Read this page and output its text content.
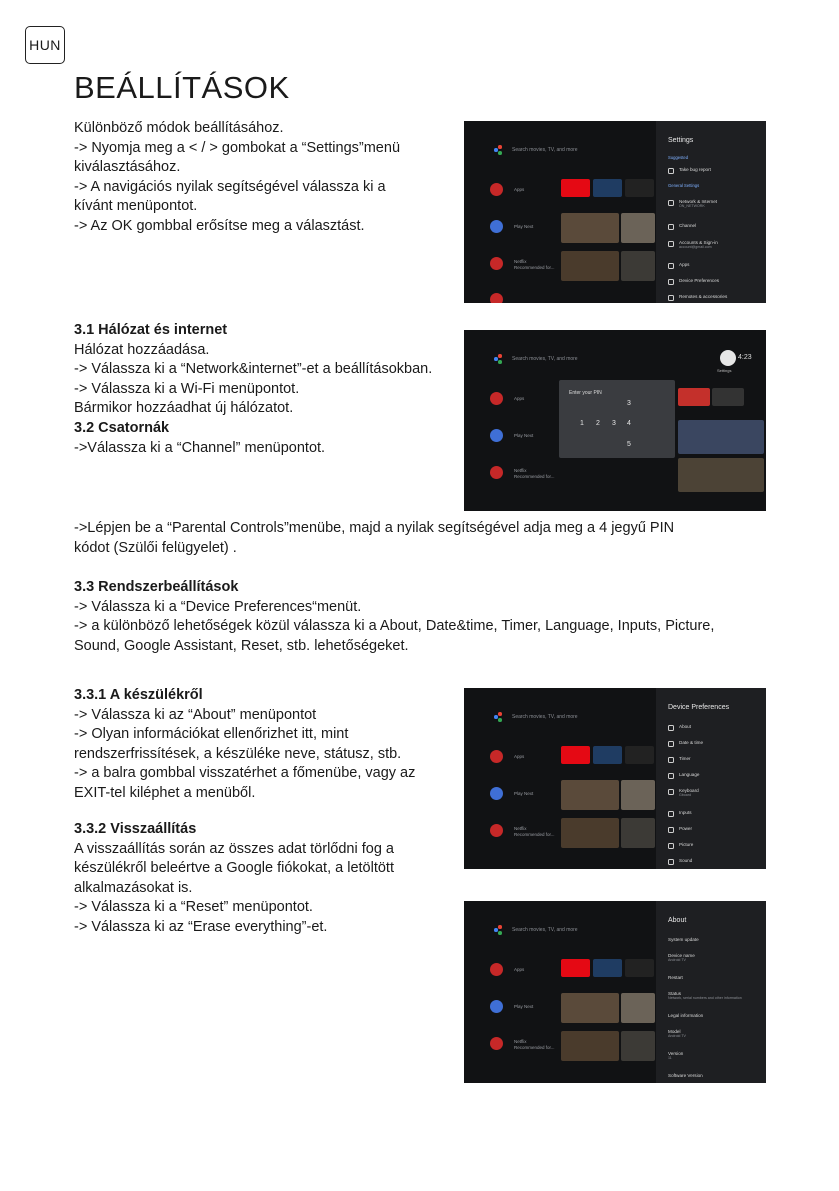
HUN
BEÁLLÍTÁSOK
Különböző módok beállításához.
-> Nyomja meg a < / > gombokat a “Settings”menü
kiválasztásához.
-> A navigációs nyilak segítségével válassza ki a
kívánt menüpontot.
-> Az OK gombbal erősítse meg a választást.
3.1 Hálózat és internet
Hálózat hozzáadása.
-> Válassza ki a “Network&internet”-et a beállításokban.
-> Válassza ki a Wi-Fi menüpontot.
Bármikor hozzáadhat új hálózatot.
3.2 Csatornák
->Válassza ki a “Channel” menüpontot.
->Lépjen be a “Parental Controls”menübe, majd a nyilak segítségével adja meg a 4 jegyű PIN
kódot (Szülői felügyelet) .
3.3 Rendszerbeállítások
-> Válassza ki a “Device Preferences“menüt.
-> a különböző lehetőségek közül válassza ki a About, Date&time, Timer, Language, Inputs, Picture,
Sound, Google Assistant, Reset, stb. lehetőségeket.
3.3.1 A készülékről
-> Válassza ki az “About” menüpontot
-> Olyan információkat ellenőrizhet itt, mint
rendszerfrissítések, a készüléke neve, státusz, stb.
-> a balra gombbal visszatérhet a főmenübe, vagy az
EXIT-tel kiléphet a menüből.
3.3.2 Visszaállítás
A visszaállítás során az összes adat törlődni fog a
készülékről beleértve a Google fiókokat, a letöltött
alkalmazásokat is.
-> Válassza ki a “Reset” menüpontot.
-> Válassza ki az “Erase everything”-et.
Search movies, TV, and more
Apps
Play Next
Netflix
Recommended for...
Settings
Suggested
Take bug report
General Settings
Network & Internet
ON_NETWORK
Channel
Accounts & Sign-in
account@gmail.com
Apps
Device Preferences
Remotes & accessories
Search movies, TV, and more	4:23
Settings
Apps
Play Next
Netflix
Recommended for...
Enter your PIN
3
1 2 3 4
5
Search movies, TV, and more
Apps
Play Next
Netflix
Recommended for...
Device Preferences
About
Date & time
Timer
Language
Keyboard
Gboard
Inputs
Power
Picture
Sound
Search movies, TV, and more
Apps
Play Next
Netflix
Recommended for...
About
System update
Device name
Android TV
Restart
Status
Network, serial numbers and other information
Legal information
Model
Android TV
Version
11
Software Version
